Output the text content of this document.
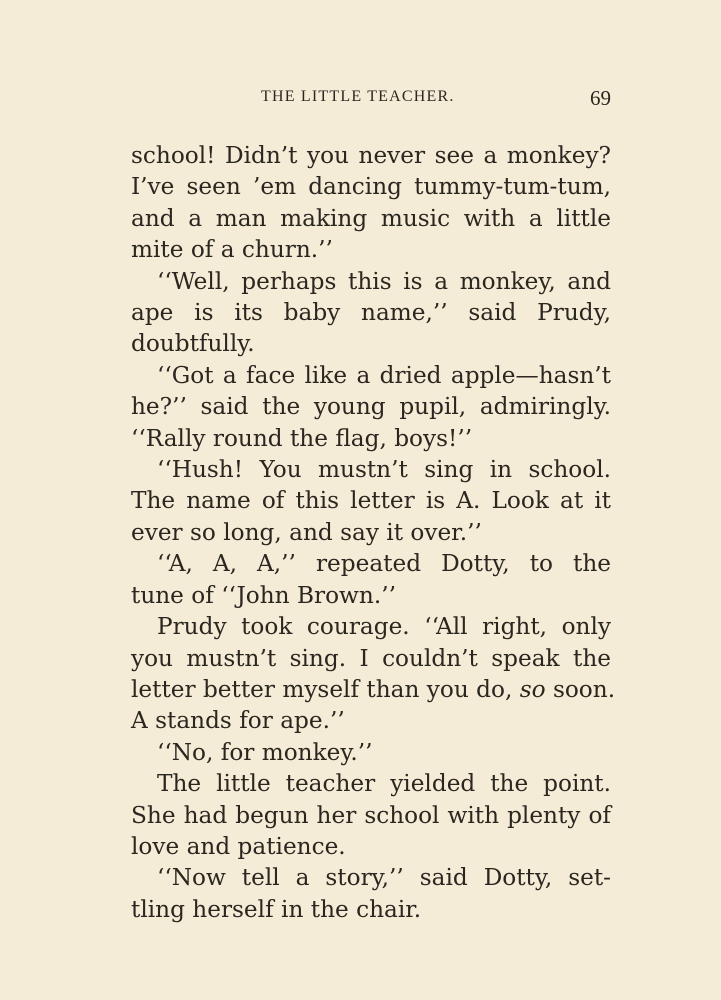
THE LITTLE TEACHER.	69
school! Didn’t you never see a monkey?
I’ve seen ’em dancing tummy-tum-tum,
and a man making music with a little
mite of a churn.’’
‘‘Well, perhaps this is a monkey, and
ape is its baby name,’’ said Prudy,
doubtfully.
‘‘Got a face like a dried apple—hasn’t
he?’’ said the young pupil, admiringly.
‘‘Rally round the flag, boys!’’
‘‘Hush! You mustn’t sing in school.
The name of this letter is A. Look at it
ever so long, and say it over.’’
‘‘A, A, A,’’ repeated Dotty, to the
tune of ‘‘John Brown.’’
Prudy took courage. ‘‘All right, only
you mustn’t sing. I couldn’t speak the
letter better myself than you do, so soon.
A stands for ape.’’
‘‘No, for monkey.’’
The little teacher yielded the point.
She had begun her school with plenty of
love and patience.
‘‘Now tell a story,’’ said Dotty, set-
tling herself in the chair.
